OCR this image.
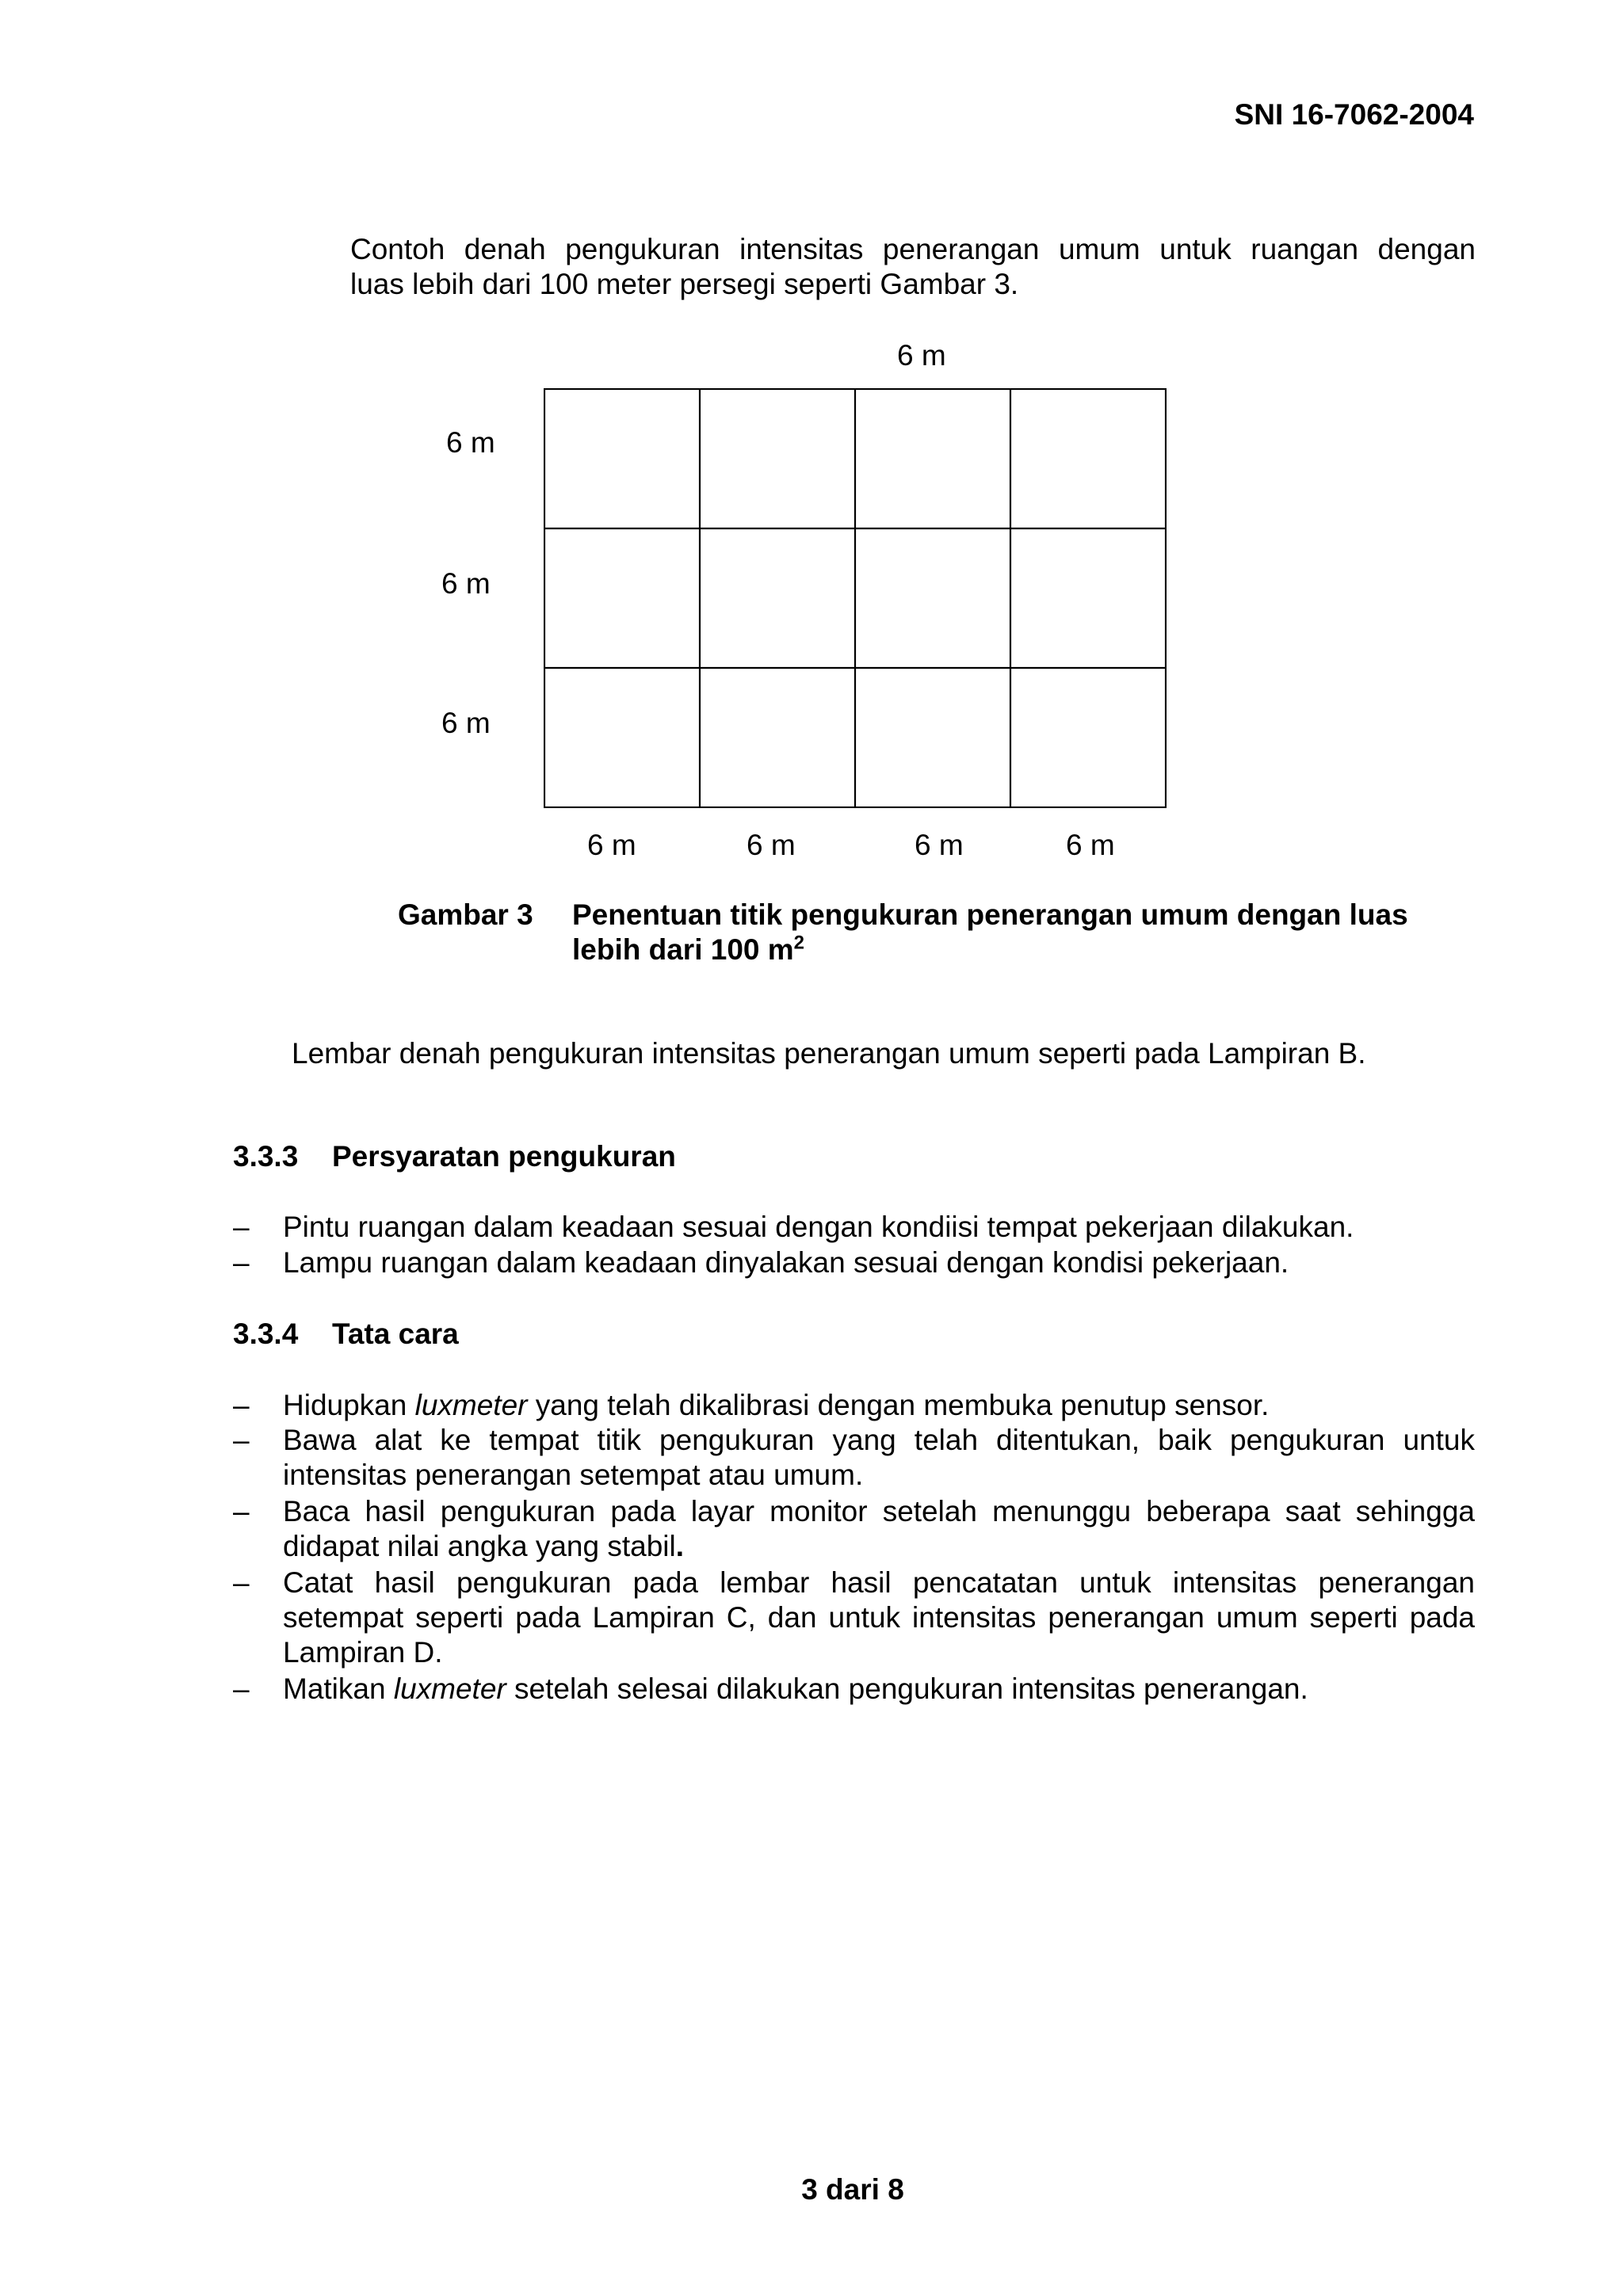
SNI 16-7062-2004
Contoh denah pengukuran intensitas penerangan umum untuk ruangan dengan
luas lebih dari 100 meter persegi seperti Gambar 3.
6 m
6 m
6 m
6 m
6 m	6 m	6 m	6 m
Gambar 3 Penentuan titik pengukuran penerangan umum dengan luas
lebih dari 100 $m^2$
Lembar denah pengukuran intensitas penerangan umum seperti pada Lampiran B.
3.3.3 Persyaratan pengukuran
– Pintu ruangan dalam keadaan sesuai dengan kondiisi tempat pekerjaan dilakukan.
– Lampu ruangan dalam keadaan dinyalakan sesuai dengan kondisi pekerjaan.
3.3.4 Tata cara
– Hidupkan luxmeter yang telah dikalibrasi dengan membuka penutup sensor.
– Bawa alat ke tempat titik pengukuran yang telah ditentukan, baik pengukuran untuk
intensitas penerangan setempat atau umum.
– Baca hasil pengukuran pada layar monitor setelah menunggu beberapa saat sehingga
didapat nilai angka yang stabil.
– Catat hasil pengukuran pada lembar hasil pencatatan untuk intensitas penerangan
setempat seperti pada Lampiran C, dan untuk intensitas penerangan umum seperti pada
Lampiran D.
– Matikan luxmeter setelah selesai dilakukan pengukuran intensitas penerangan.
3 dari 8
